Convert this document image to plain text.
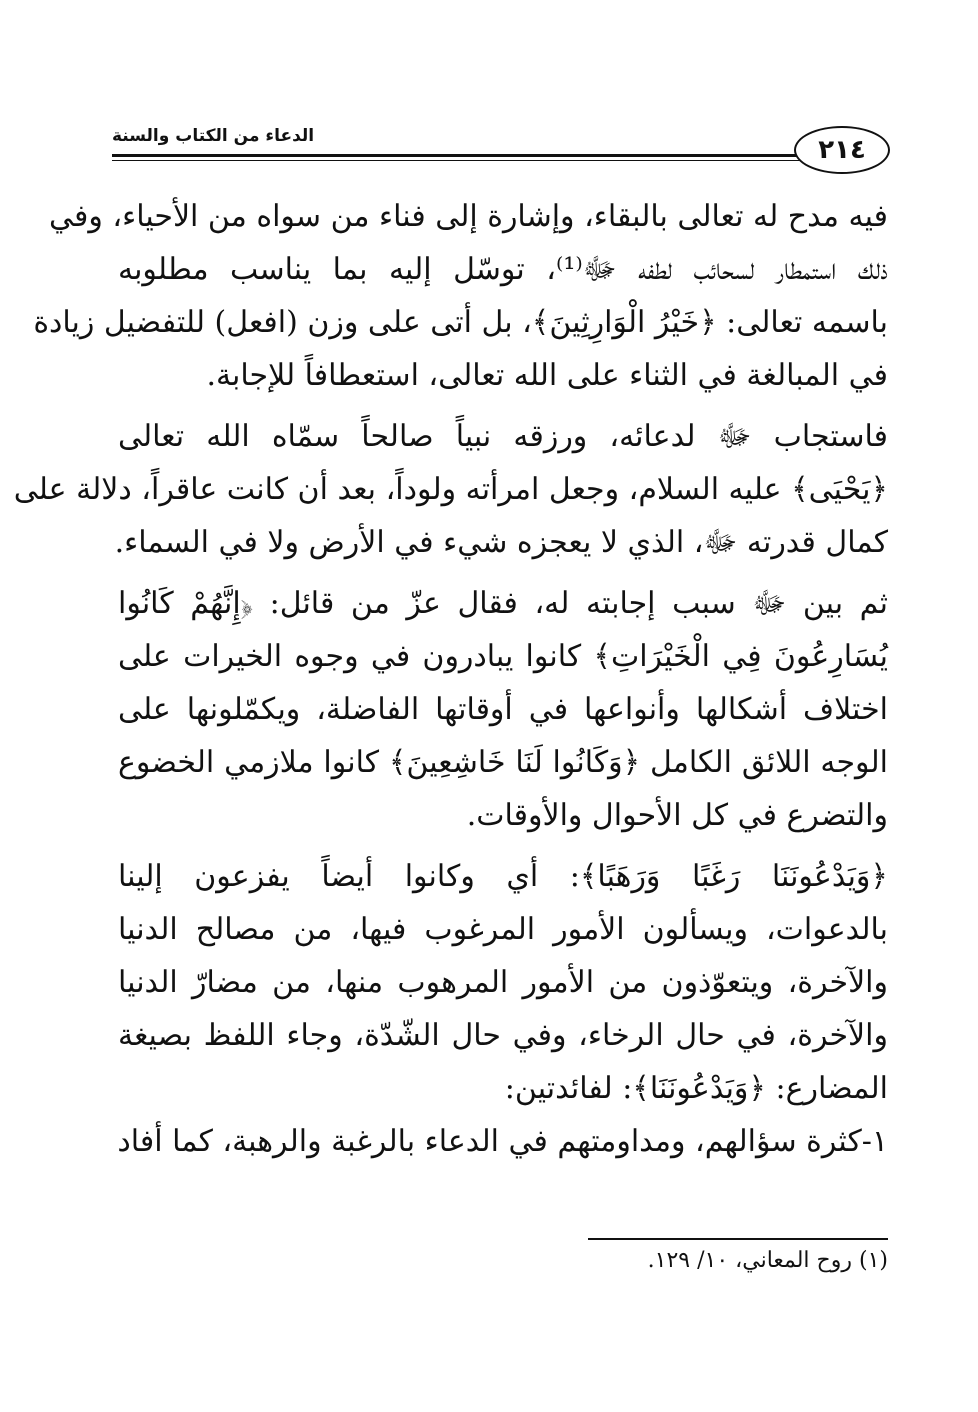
الدعاء من الكتاب والسنة	٢١٤
فيه مدح له تعالى بالبقاء، وإشارة إلى فناء من سواه من الأحياء، وفي
ذلك استمطار لسحائب لطفه ﷻ⁽¹⁾، توسّل إليه بما يناسب مطلوبه
باسمه تعالى: ﴿خَيْرُ الْوَارِثِينَ﴾، بل أتى على وزن (افعل) للتفضيل زيادة
في المبالغة في الثناء على الله تعالى، استعطافاً للإجابة.
فاستجاب ﷻ لدعائه، ورزقه نبياً صالحاً سمّاه الله تعالى
﴿يَحْيَى﴾ عليه السلام، وجعل امرأته ولوداً، بعد أن كانت عاقراً، دلالة على
كمال قدرته ﷻ، الذي لا يعجزه شيء في الأرض ولا في السماء.
ثم بين ﷻ سبب إجابته له، فقال عزّ من قائل: ﴿إِنَّهُمْ كَانُوا
يُسَارِعُونَ فِي الْخَيْرَاتِ﴾ كانوا يبادرون في وجوه الخيرات على
اختلاف أشكالها وأنواعها في أوقاتها الفاضلة، ويكمّلونها على
الوجه اللائق الكامل ﴿وَكَانُوا لَنَا خَاشِعِينَ﴾ كانوا ملازمي الخضوع
والتضرع في كل الأحوال والأوقات.
﴿وَيَدْعُونَنَا رَغَبًا وَرَهَبًا﴾: أي وكانوا أيضاً يفزعون إلينا
بالدعوات، ويسألون الأمور المرغوب فيها، من مصالح الدنيا
والآخرة، ويتعوّذون من الأمور المرهوب منها، من مضارّ الدنيا
والآخرة، في حال الرخاء، وفي حال الشّدّة، وجاء اللفظ بصيغة
المضارع: ﴿وَيَدْعُونَنَا﴾: لفائدتين:
١-كثرة سؤالهم، ومداومتهم في الدعاء بالرغبة والرهبة، كما أفاد
(١) روح المعاني، ١٠/ ١٢٩.
